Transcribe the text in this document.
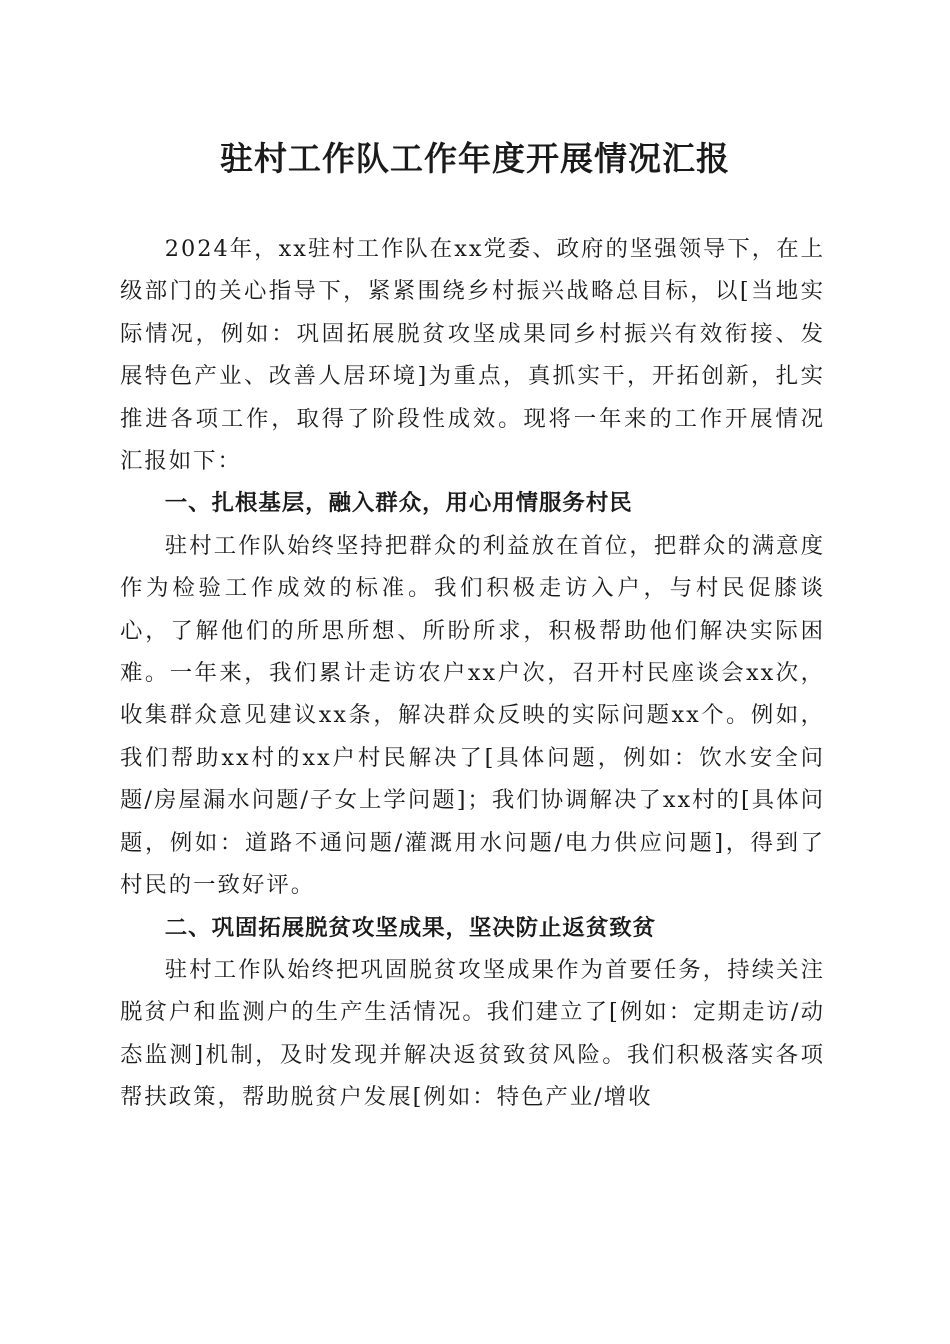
驻村工作队工作年度开展情况汇报

2024年，xx驻村工作队在xx党委、政府的坚强领导下，在上级部门的关心指导下，紧紧围绕乡村振兴战略总目标，以[当地实际情况，例如：巩固拓展脱贫攻坚成果同乡村振兴有效衔接、发展特色产业、改善人居环境]为重点，真抓实干，开拓创新，扎实推进各项工作，取得了阶段性成效。现将一年来的工作开展情况汇报如下：

一、扎根基层，融入群众，用心用情服务村民

驻村工作队始终坚持把群众的利益放在首位，把群众的满意度作为检验工作成效的标准。我们积极走访入户，与村民促膝谈心，了解他们的所思所想、所盼所求，积极帮助他们解决实际困难。一年来，我们累计走访农户xx户次，召开村民座谈会xx次，收集群众意见建议xx条，解决群众反映的实际问题xx个。例如，我们帮助xx村的xx户村民解决了[具体问题，例如：饮水安全问题/房屋漏水问题/子女上学问题]；我们协调解决了xx村的[具体问题，例如：道路不通问题/灌溉用水问题/电力供应问题]，得到了村民的一致好评。

二、巩固拓展脱贫攻坚成果，坚决防止返贫致贫

驻村工作队始终把巩固脱贫攻坚成果作为首要任务，持续关注脱贫户和监测户的生产生活情况。我们建立了[例如：定期走访/动态监测]机制，及时发现并解决返贫致贫风险。我们积极落实各项帮扶政策，帮助脱贫户发展[例如：特色产业/增收
